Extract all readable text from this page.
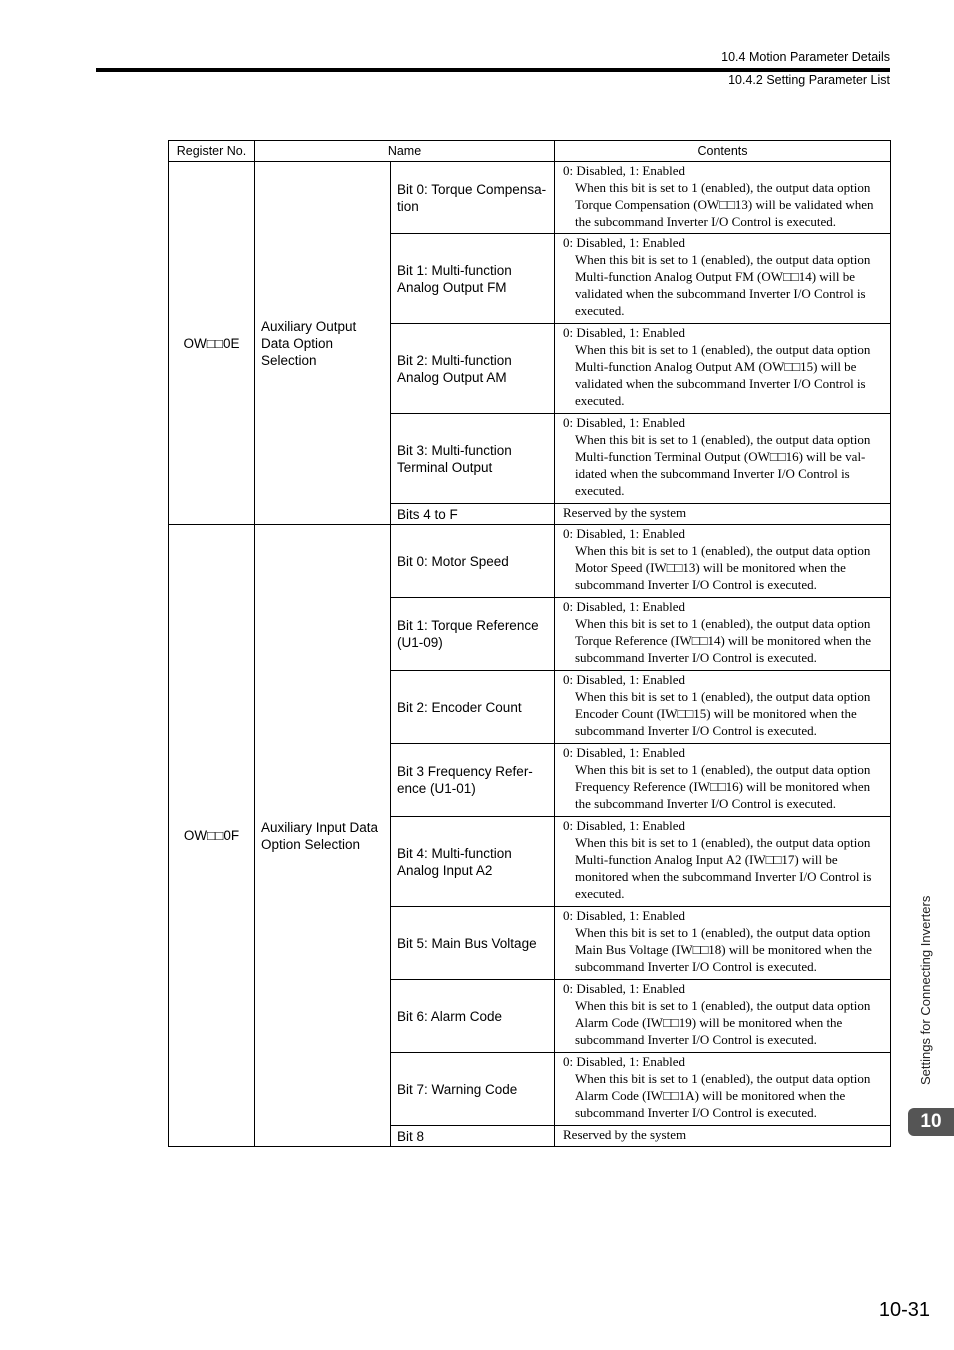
10.4 Motion Parameter Details
10.4.2 Setting Parameter List
Register No.	Name		Contents
OW□□0E	Auxiliary Output Data Option Selection	Bit 0: Torque Compensa-tion	0: Disabled, 1: Enabled
When this bit is set to 1 (enabled), the output data option Torque Compensation (OW□□13) will be validated when the subcommand Inverter I/O Control is executed.

		Bit 1: Multi-function Analog Output FM	0: Disabled, 1: Enabled
When this bit is set to 1 (enabled), the output data option Multi-function Analog Output FM (OW□□14) will be validated when the subcommand Inverter I/O Control is executed.

		Bit 2: Multi-function Analog Output AM	0: Disabled, 1: Enabled
When this bit is set to 1 (enabled), the output data option Multi-function Analog Output AM (OW□□15) will be validated when the subcommand Inverter I/O Control is executed.

		Bit 3: Multi-function Terminal Output	0: Disabled, 1: Enabled
When this bit is set to 1 (enabled), the output data option Multi-function Terminal Output (OW□□16) will be val-idated when the subcommand Inverter I/O Control is executed.

		Bits 4 to F	Reserved by the system

OW□□0F	Auxiliary Input Data Option Selection	Bit 0: Motor Speed	0: Disabled, 1: Enabled
When this bit is set to 1 (enabled), the output data option Motor Speed (IW□□13) will be monitored when the subcommand Inverter I/O Control is executed.

		Bit 1: Torque Reference (U1-09)	0: Disabled, 1: Enabled
When this bit is set to 1 (enabled), the output data option Torque Reference (IW□□14) will be monitored when the subcommand Inverter I/O Control is executed.

		Bit 2: Encoder Count	0: Disabled, 1: Enabled
When this bit is set to 1 (enabled), the output data option Encoder Count (IW□□15) will be monitored when the subcommand Inverter I/O Control is executed.

		Bit 3 Frequency Refer-ence (U1-01)	0: Disabled, 1: Enabled
When this bit is set to 1 (enabled), the output data option Frequency Reference (IW□□16) will be monitored when the subcommand Inverter I/O Control is executed.

		Bit 4: Multi-function Analog Input A2	0: Disabled, 1: Enabled
When this bit is set to 1 (enabled), the output data option Multi-function Analog Input A2 (IW□□17) will be monitored when the subcommand Inverter I/O Control is executed.

		Bit 5: Main Bus Voltage	0: Disabled, 1: Enabled
When this bit is set to 1 (enabled), the output data option Main Bus Voltage (IW□□18) will be monitored when the subcommand Inverter I/O Control is executed.

		Bit 6: Alarm Code	0: Disabled, 1: Enabled
When this bit is set to 1 (enabled), the output data option Alarm Code (IW□□19) will be monitored when the subcommand Inverter I/O Control is executed.

		Bit 7: Warning Code	0: Disabled, 1: Enabled
When this bit is set to 1 (enabled), the output data option Alarm Code (IW□□1A) will be monitored when the subcommand Inverter I/O Control is executed.

		Bit 8	Reserved by the system
Settings for Connecting Inverters
10
10-31
